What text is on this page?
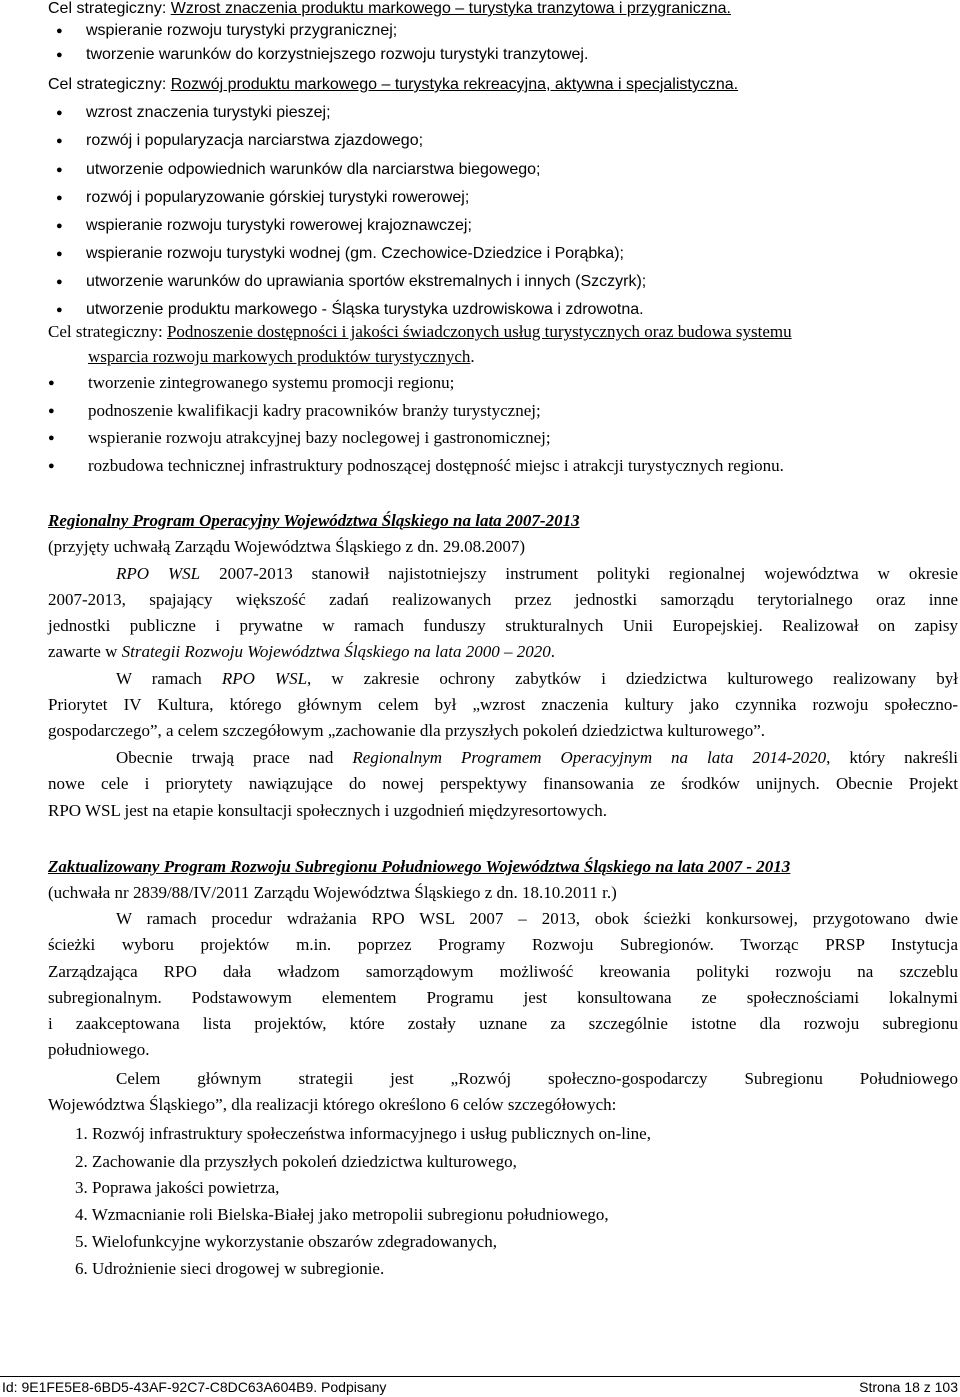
Cel strategiczny: Wzrost znaczenia produktu markowego – turystyka tranzytowa i przygraniczna.
● wspieranie rozwoju turystyki przygranicznej;
● tworzenie warunków do korzystniejszego rozwoju turystyki tranzytowej.
Cel strategiczny: Rozwój produktu markowego – turystyka rekreacyjna, aktywna i specjalistyczna.
● wzrost znaczenia turystyki pieszej;
● rozwój i popularyzacja narciarstwa zjazdowego;
● utworzenie odpowiednich warunków dla narciarstwa biegowego;
● rozwój i popularyzowanie górskiej turystyki rowerowej;
● wspieranie rozwoju turystyki rowerowej krajoznawczej;
● wspieranie rozwoju turystyki wodnej (gm. Czechowice-Dziedzice i Porąbka);
● utworzenie warunków do uprawiania sportów ekstremalnych i innych (Szczyrk);
● utworzenie produktu markowego - Śląska turystyka uzdrowiskowa i zdrowotna.
Cel strategiczny: Podnoszenie dostępności i jakości świadczonych usług turystycznych oraz budowa systemu
wsparcia rozwoju markowych produktów turystycznych.
● tworzenie zintegrowanego systemu promocji regionu;
● podnoszenie kwalifikacji kadry pracowników branży turystycznej;
● wspieranie rozwoju atrakcyjnej bazy noclegowej i gastronomicznej;
● rozbudowa technicznej infrastruktury podnoszącej dostępność miejsc i atrakcji turystycznych regionu.
Regionalny Program Operacyjny Województwa Śląskiego na lata 2007-2013
(przyjęty uchwałą Zarządu Województwa Śląskiego z dn. 29.08.2007)
RPO WSL 2007-2013 stanowił najistotniejszy instrument polityki regionalnej województwa w okresie
2007-2013, spajający większość zadań realizowanych przez jednostki samorządu terytorialnego oraz inne
jednostki publiczne i prywatne w ramach funduszy strukturalnych Unii Europejskiej. Realizował on zapisy
zawarte w Strategii Rozwoju Województwa Śląskiego na lata 2000 – 2020.
W ramach RPO WSL, w zakresie ochrony zabytków i dziedzictwa kulturowego realizowany był
Priorytet IV Kultura, którego głównym celem był „wzrost znaczenia kultury jako czynnika rozwoju społeczno-
gospodarczego”, a celem szczegółowym „zachowanie dla przyszłych pokoleń dziedzictwa kulturowego”.
Obecnie trwają prace nad Regionalnym Programem Operacyjnym na lata 2014-2020, który nakreśli
nowe cele i priorytety nawiązujące do nowej perspektywy finansowania ze środków unijnych. Obecnie Projekt
RPO WSL jest na etapie konsultacji społecznych i uzgodnień międzyresortowych.
Zaktualizowany Program Rozwoju Subregionu Południowego Województwa Śląskiego na lata 2007 - 2013
(uchwała nr 2839/88/IV/2011 Zarządu Województwa Śląskiego z dn. 18.10.2011 r.)
W ramach procedur wdrażania RPO WSL 2007 – 2013, obok ścieżki konkursowej, przygotowano dwie
ścieżki wyboru projektów m.in. poprzez Programy Rozwoju Subregionów. Tworząc PRSP Instytucja
Zarządzająca RPO dała władzom samorządowym możliwość kreowania polityki rozwoju na szczeblu
subregionalnym. Podstawowym elementem Programu jest konsultowana ze społecznościami lokalnymi
i zaakceptowana lista projektów, które zostały uznane za szczególnie istotne dla rozwoju subregionu
południowego.
Celem głównym strategii jest „Rozwój społeczno-gospodarczy Subregionu Południowego
Województwa Śląskiego”, dla realizacji którego określono 6 celów szczegółowych:
1. Rozwój infrastruktury społeczeństwa informacyjnego i usług publicznych on-line,
2. Zachowanie dla przyszłych pokoleń dziedzictwa kulturowego,
3. Poprawa jakości powietrza,
4. Wzmacnianie roli Bielska-Białej jako metropolii subregionu południowego,
5. Wielofunkcyjne wykorzystanie obszarów zdegradowanych,
6. Udrożnienie sieci drogowej w subregionie.
Id: 9E1FE5E8-6BD5-43AF-92C7-C8DC63A604B9. Podpisany	Strona 18 z 103
